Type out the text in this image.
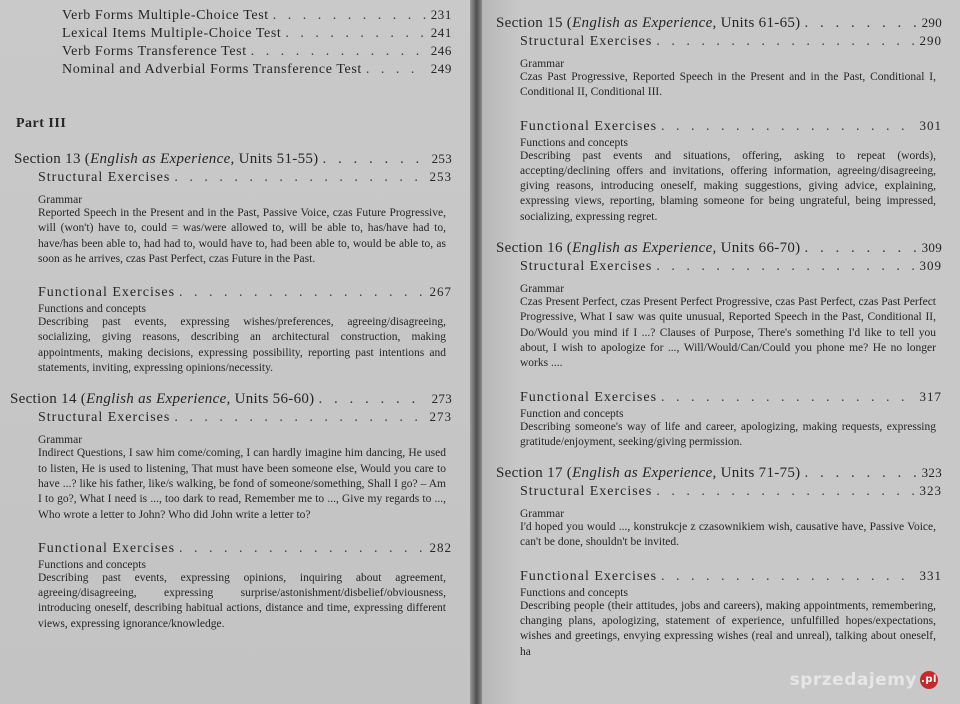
Verb Forms Multiple-Choice Test . . .	231
Lexical Items Multiple-Choice Test . . .	241
Verb Forms Transference Test . . .	246
Nominal and Adverbial Forms Transference Test . . .	249
Part III
Section 13 (English as Experience, Units 51-55) . . .	253
Structural Exercises . . .	253
Grammar

Reported Speech in the Present and in the Past, Passive Voice, czas Future Progressive, will (won't) have to, could = was/were allowed to, will be able to, has/have had to, have/has been able to, had had to, would have to, had been able to, would be able to, as soon as he arrives, czas Past Perfect, czas Future in the Past.

Functional Exercises . . .	267
Functions and concepts

Describing past events, expressing wishes/preferences, agreeing/disagreeing, socializing, giving reasons, describing an architectural construction, making appointments, making decisions, expressing possibility, reporting past intentions and statements, inviting, expressing opinions/necessity.

Section 14 (English as Experience, Units 56-60) . . .	273
Structural Exercises . . .	273
Grammar

Indirect Questions, I saw him come/coming, I can hardly imagine him dancing, He used to listen, He is used to listening, That must have been someone else, Would you care to have ...? like his father, like/s walking, be fond of someone/something, Shall I go? – Am I to go?, What I need is ..., too dark to read, Remember me to ..., Give my regards to ..., Who wrote a letter to John? Who did John write a letter to?

Functional Exercises . . .	282
Functions and concepts

Describing past events, expressing opinions, inquiring about agreement, agreeing/disagreeing, expressing surprise/astonishment/disbelief/obviousness, introducing oneself, describing habitual actions, distance and time, expressing different views, expressing ignorance/knowledge.

Section 15 (English as Experience, Units 61-65) . . .	290
Structural Exercises . . .	290
Grammar

Czas Past Progressive, Reported Speech in the Present and in the Past, Conditional I, Conditional II, Conditional III.

Functional Exercises . . .	301
Functions and concepts

Describing past events and situations, offering, asking to repeat (words), accepting/declining offers and invitations, offering information, agreeing/disagreeing, giving reasons, introducing oneself, making suggestions, giving advice, explaining, expressing views, reporting, blaming someone for being ungrateful, being impressed, socializing, expressing regret.

Section 16 (English as Experience, Units 66-70) . . .	309
Structural Exercises . . .	309
Grammar

Czas Present Perfect, czas Present Perfect Progressive, czas Past Perfect, czas Past Perfect Progressive, What I saw was quite unusual, Reported Speech in the Past, Conditional II, Do/Would you mind if I ...? Clauses of Purpose, There's something I'd like to tell you about, I wish to apologize for ..., Will/Would/Can/Could you phone me? He no longer works ....

Functional Exercises . . .	317
Function and concepts

Describing someone's way of life and career, apologizing, making requests, expressing gratitude/enjoyment, seeking/giving permission.

Section 17 (English as Experience, Units 71-75) . . .	323
Structural Exercises . . .	323
Grammar

I'd hoped you would ..., konstrukcje z czasownikiem wish, causative have, Passive Voice, can't be done, shouldn't be invited.

Functional Exercises . . .	331
Functions and concepts

Describing people (their attitudes, jobs and careers), making appointments, remembering, changing plans, apologizing, statement of experience, unfulfilled hopes/expectations, wishes and greetings, envying expressing wishes (real and unreal), talking about oneself, ha

sprzedajemy .pl
